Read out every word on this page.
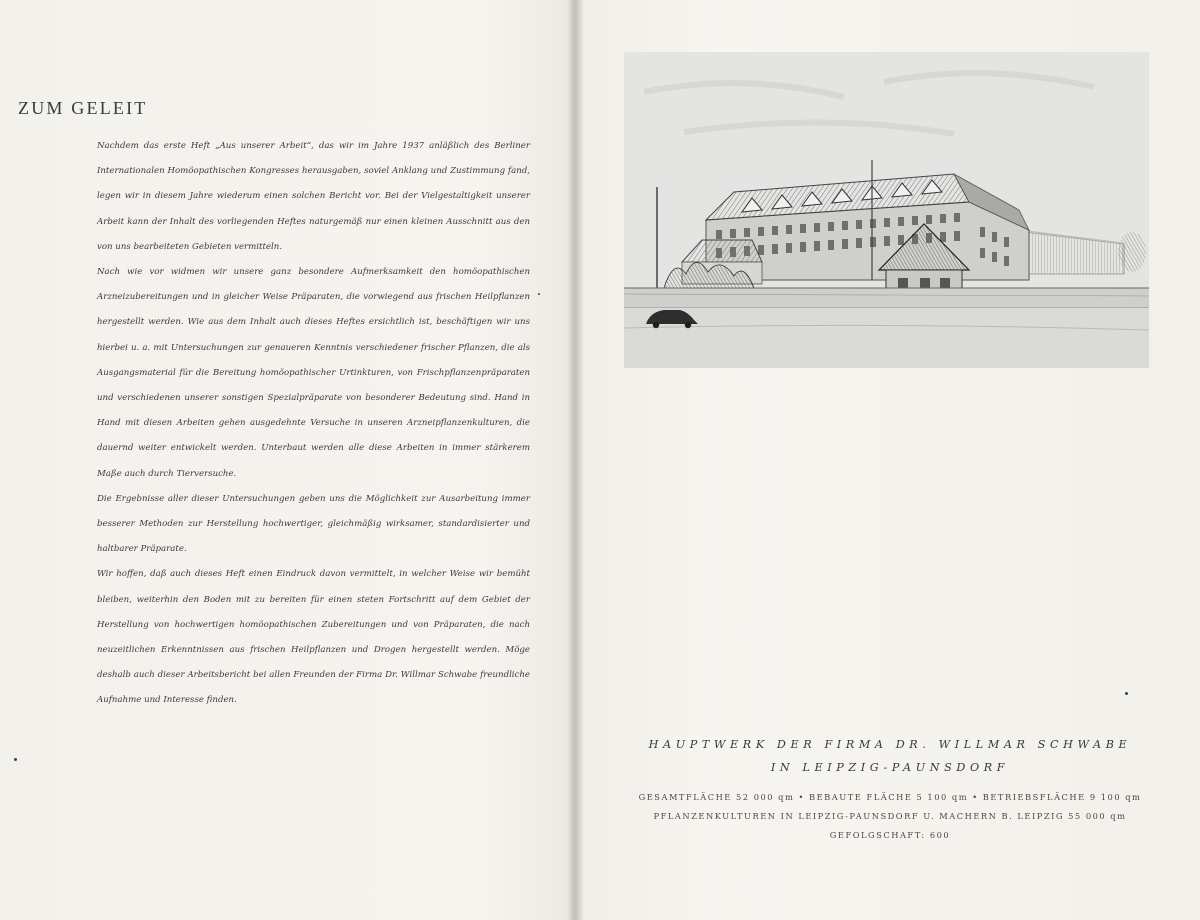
ZUM GELEIT

Nachdem das erste Heft „Aus unserer Arbeit“, das wir im Jahre 1937 anläßlich des Berliner Internationalen Homöopathischen Kongresses herausgaben, soviel Anklang und Zustimmung fand, legen wir in diesem Jahre wiederum einen solchen Bericht vor. Bei der Vielgestaltigkeit unserer Arbeit kann der Inhalt des vorliegenden Heftes naturgemäß nur einen kleinen Ausschnitt aus den von uns bearbeiteten Gebieten vermitteln.

Nach wie vor widmen wir unsere ganz besondere Aufmerksamkeit den homöopathischen Arzneizubereitungen und in gleicher Weise Präparaten, die vorwiegend aus frischen Heilpflanzen hergestellt werden. Wie aus dem Inhalt auch dieses Heftes ersichtlich ist, beschäftigen wir uns hierbei u. a. mit Untersuchungen zur genaueren Kenntnis verschiedener frischer Pflanzen, die als Ausgangsmaterial für die Bereitung homöopathischer Urtinkturen, von Frischpflanzenpräparaten und verschiedenen unserer sonstigen Spezialpräparate von besonderer Bedeutung sind. Hand in Hand mit diesen Arbeiten gehen ausgedehnte Versuche in unseren Arzneipflanzenkulturen, die dauernd weiter entwickelt werden. Unterbaut werden alle diese Arbeiten in immer stärkerem Maße auch durch Tierversuche.

Die Ergebnisse aller dieser Untersuchungen geben uns die Möglichkeit zur Ausarbeitung immer besserer Methoden zur Herstellung hochwertiger, gleichmäßig wirksamer, standardisierter und haltbarer Präparate.

Wir hoffen, daß auch dieses Heft einen Eindruck davon vermittelt, in welcher Weise wir bemüht bleiben, weiterhin den Boden mit zu bereiten für einen steten Fortschritt auf dem Gebiet der Herstellung von hochwertigen homöopathischen Zubereitungen und von Präparaten, die nach neuzeitlichen Erkenntnissen aus frischen Heilpflanzen und Drogen hergestellt werden. Möge deshalb auch dieser Arbeitsbericht bei allen Freunden der Firma Dr. Willmar Schwabe freundliche Aufnahme und Interesse finden.

HAUPTWERK DER FIRMA DR. WILLMAR SCHWABE
IN LEIPZIG-PAUNSDORF
GESAMTFLÄCHE 52 000 qm • BEBAUTE FLÄCHE 5 100 qm • BETRIEBSFLÄCHE 9 100 qm
PFLANZENKULTUREN IN LEIPZIG-PAUNSDORF U. MACHERN B. LEIPZIG 55 000 qm
GEFOLGSCHAFT: 600
